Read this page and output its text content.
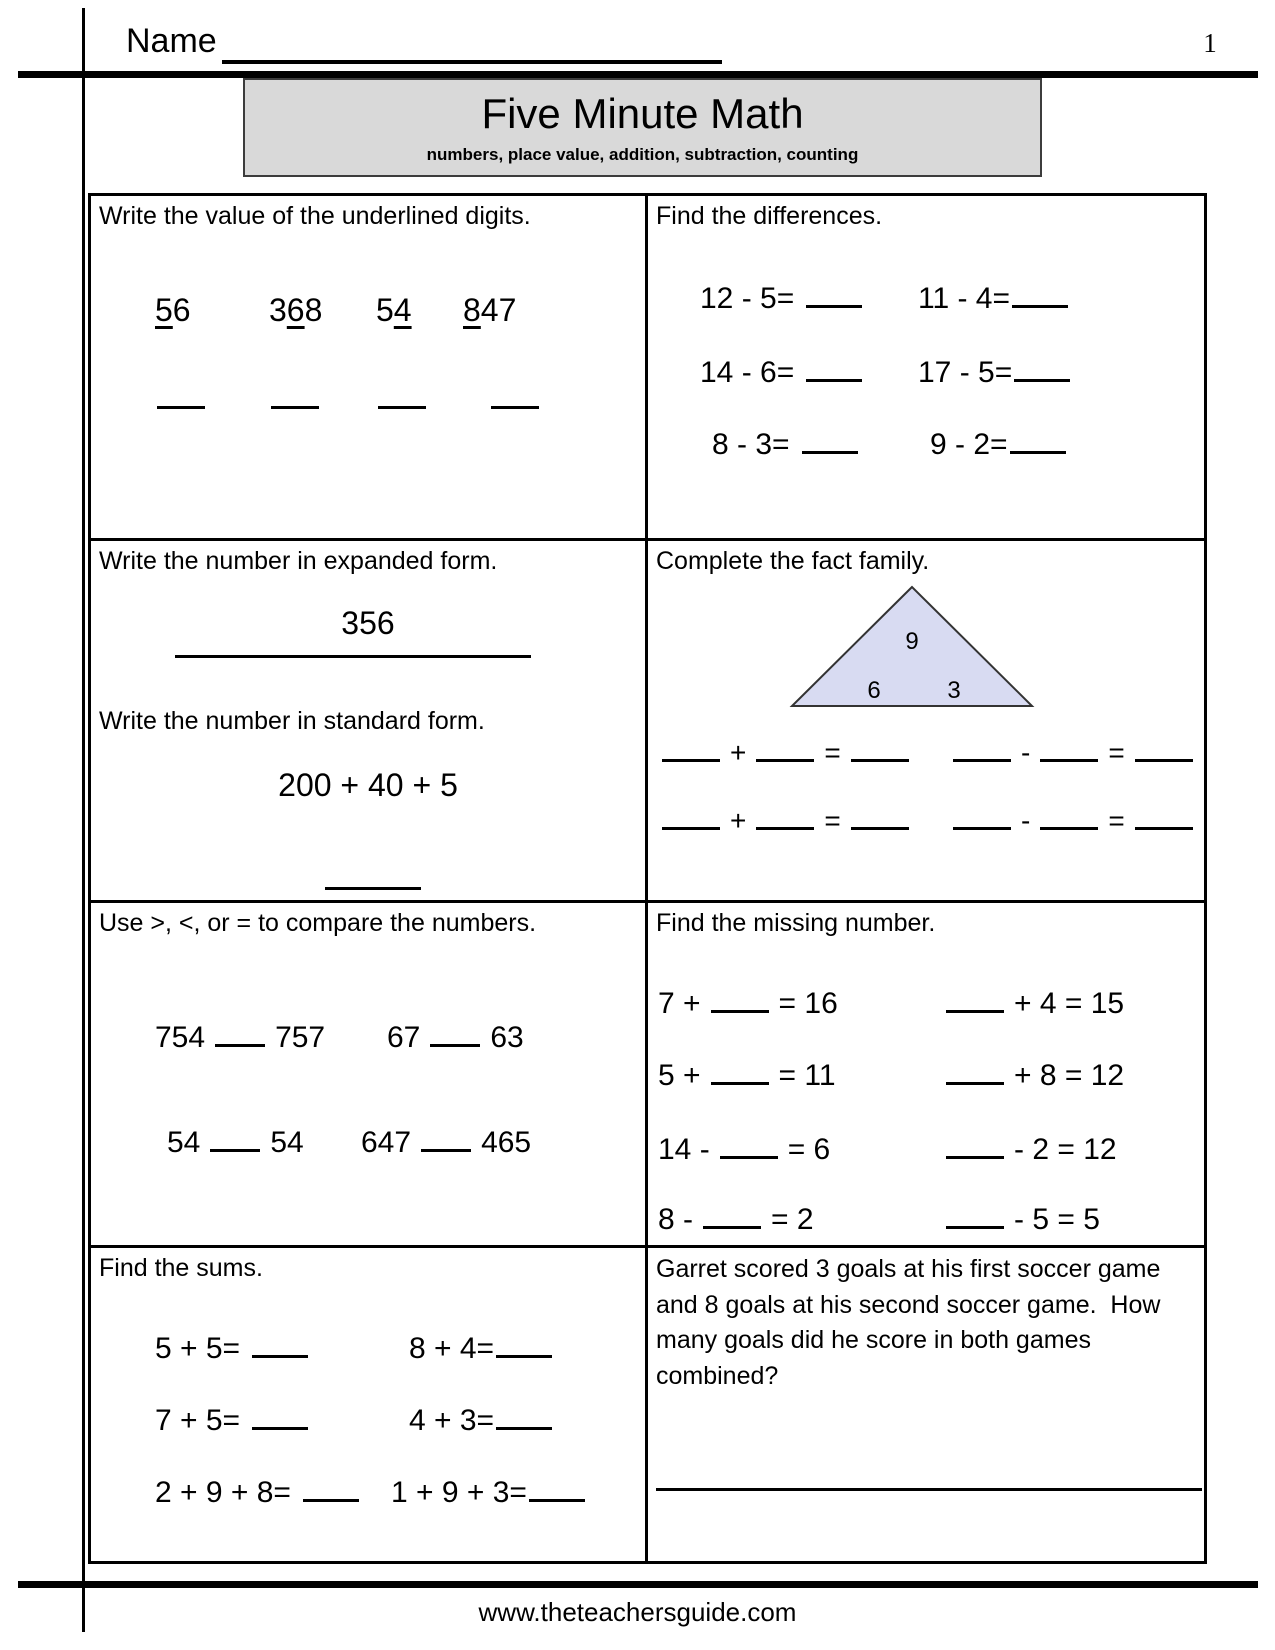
Name	1
Five Minute Math
numbers, place value, addition, subtraction, counting
Write the value of the underlined digits.
56 368 54 847
Find the differences.
12 - 5=	11 - 4=
14 - 6=	17 - 5=
8 - 3=	9 - 2=
Write the number in expanded form.
356
Write the number in standard form.
200 + 40 + 5
Complete the fact family.
9
6	3
+	=	-	=
+	=	-	=
Use >, <, or = to compare the numbers.
754 757 67 63
54 54 647 465
Find the missing number.
7 +	= 16	+ 4 = 15
5 +	= 11	+ 8 = 12
14 -	= 6	- 2 = 12
8 -	= 2	- 5 = 5
Find the sums.
5 + 5=	8 + 4=
7 + 5=	4 + 3=
2 + 9 + 8=	1 + 9 + 3=
Garret scored 3 goals at his first soccer game and 8 goals at his second soccer game.  How many goals did he score in both games combined?
www.theteachersguide.com
